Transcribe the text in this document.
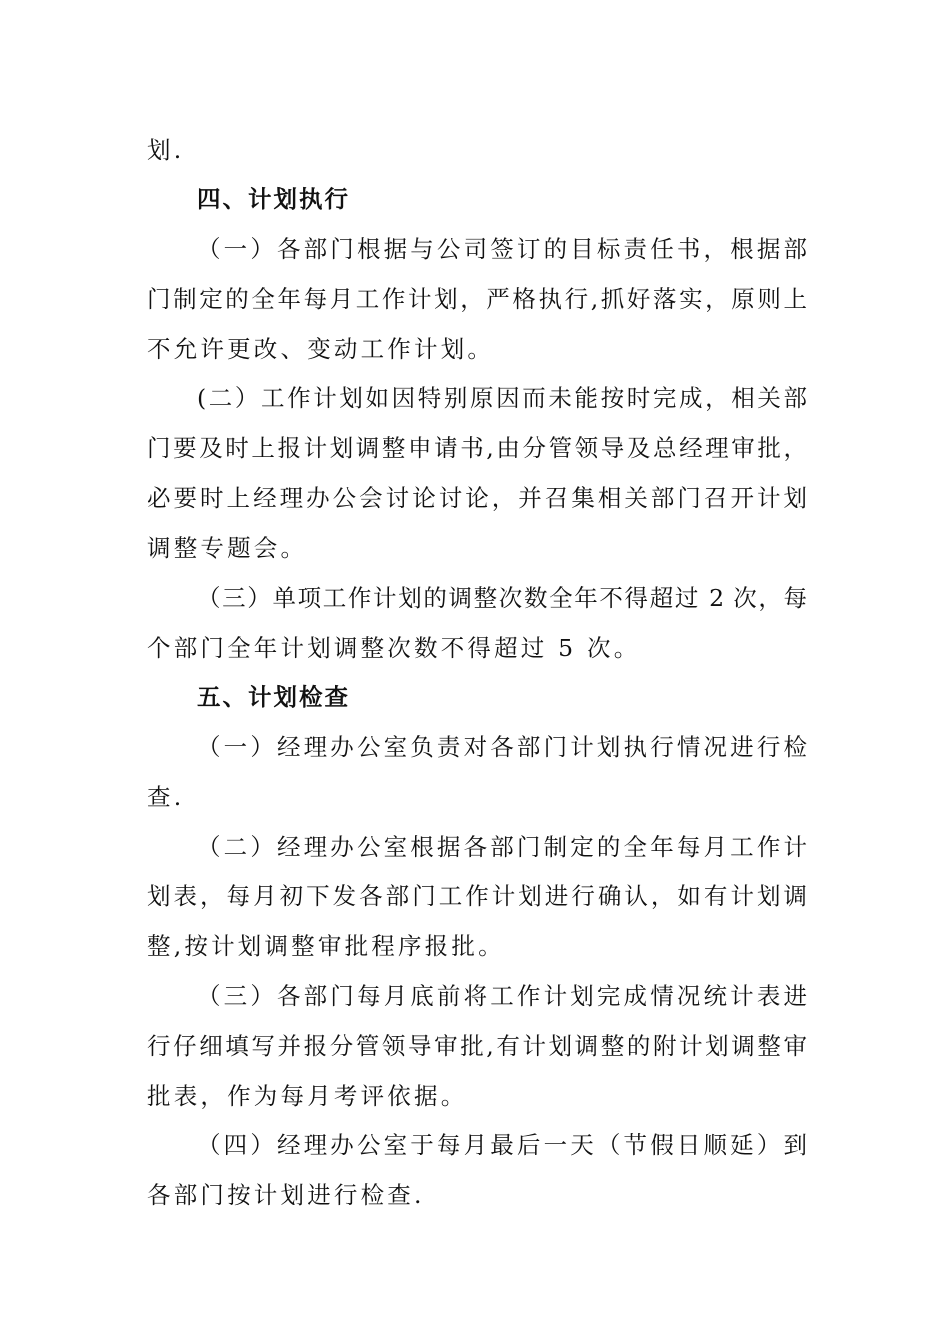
划.
四、计划执行
（一）各部门根据与公司签订的目标责任书，根据部
门制定的全年每月工作计划，严格执行,抓好落实，原则上
不允许更改、变动工作计划。
(二）工作计划如因特别原因而未能按时完成，相关部
门要及时上报计划调整申请书,由分管领导及总经理审批，
必要时上经理办公会讨论讨论，并召集相关部门召开计划
调整专题会。
（三）单项工作计划的调整次数全年不得超过 2 次，每
个部门全年计划调整次数不得超过 5 次。
五、计划检查
（一）经理办公室负责对各部门计划执行情况进行检
查.
（二）经理办公室根据各部门制定的全年每月工作计
划表，每月初下发各部门工作计划进行确认，如有计划调
整,按计划调整审批程序报批。
（三）各部门每月底前将工作计划完成情况统计表进
行仔细填写并报分管领导审批,有计划调整的附计划调整审
批表，作为每月考评依据。
（四）经理办公室于每月最后一天（节假日顺延）到
各部门按计划进行检查.
